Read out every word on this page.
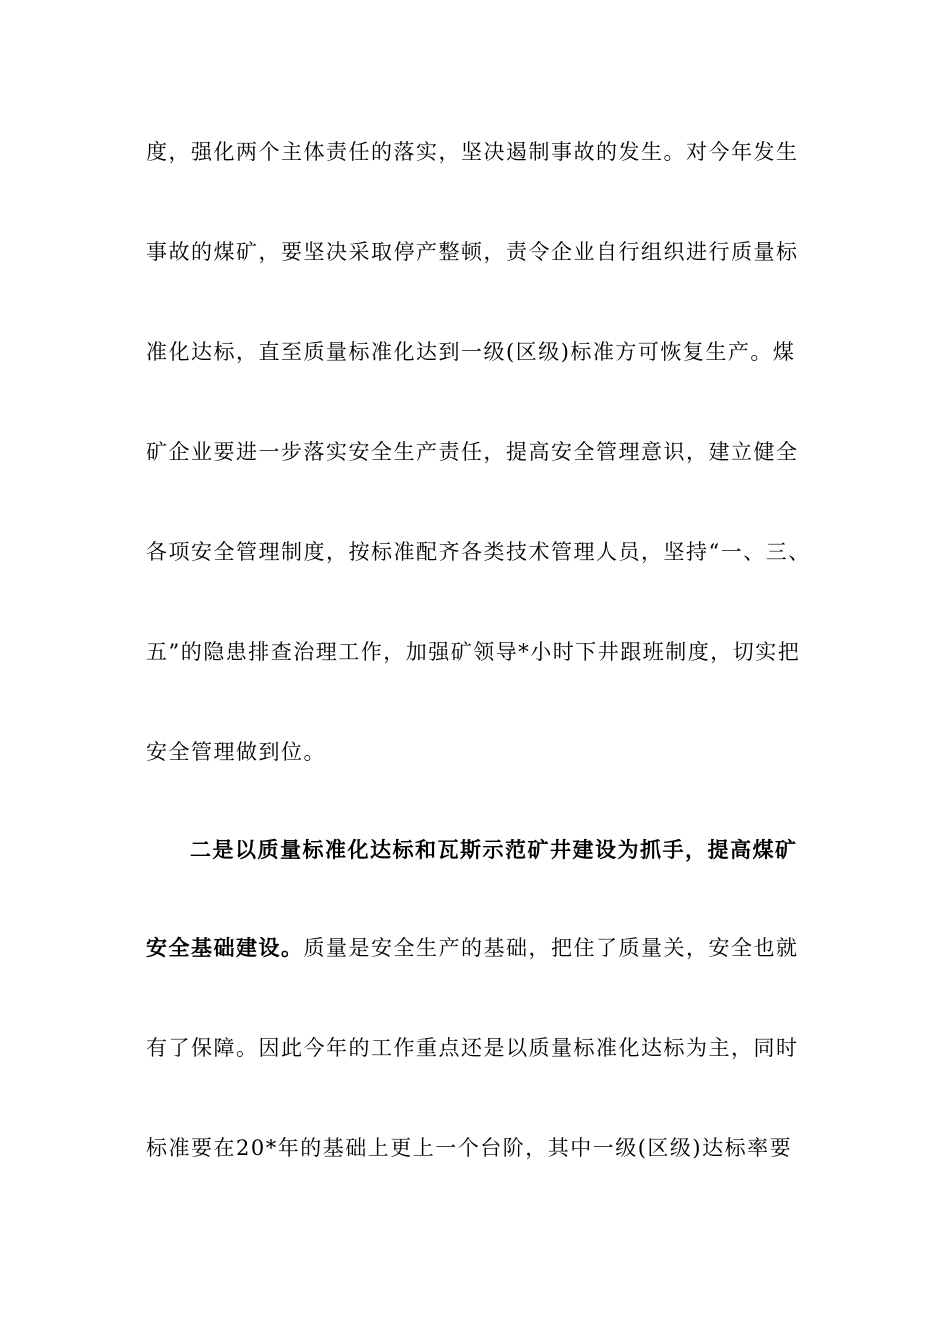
度，强化两个主体责任的落实，坚决遏制事故的发生。对今年发生
事故的煤矿，要坚决采取停产整顿，责令企业自行组织进行质量标
准化达标，直至质量标准化达到一级(区级)标准方可恢复生产。煤
矿企业要进一步落实安全生产责任，提高安全管理意识，建立健全
各项安全管理制度，按标准配齐各类技术管理人员，坚持“一、三、
五”的隐患排查治理工作，加强矿领导*小时下井跟班制度，切实把
安全管理做到位。
二是以质量标准化达标和瓦斯示范矿井建设为抓手，提高煤矿
安全基础建设。质量是安全生产的基础，把住了质量关，安全也就
有了保障。因此今年的工作重点还是以质量标准化达标为主，同时
标准要在20*年的基础上更上一个台阶，其中一级(区级)达标率要
